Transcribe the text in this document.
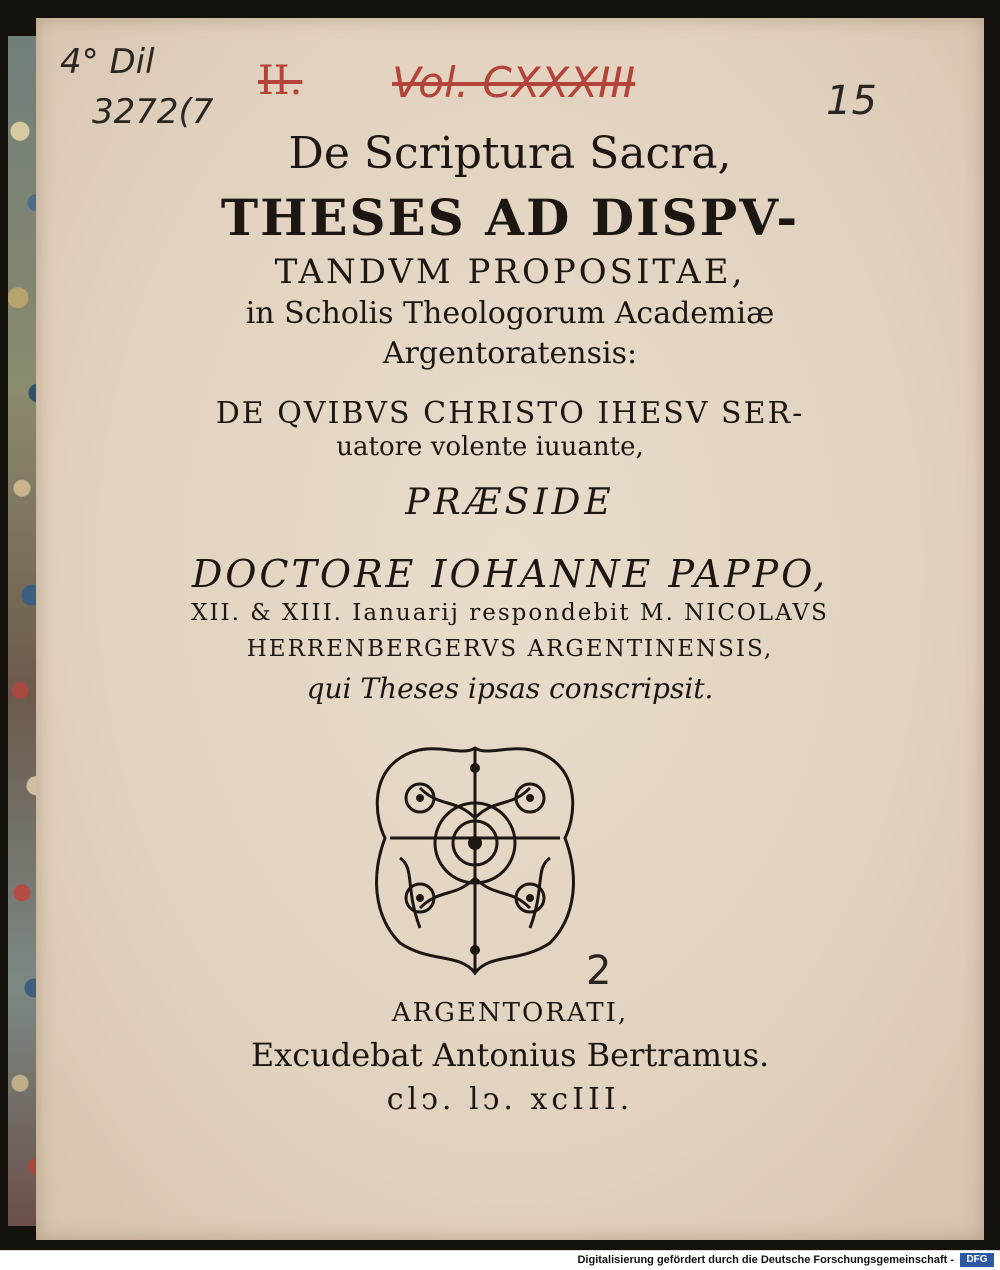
4° Dil
3272(7
II. Vol. CXXXIII	15
2
De Scriptura Sacra,
THESES AD DISPV-
TANDVM PROPOSITAE,
in Scholis Theologorum Academiæ
Argentoratensis:
DE QVIBVS CHRISTO IHESV SER-
uatore volente iuuante,
PRÆSIDE
DOCTORE IOHANNE PAPPO,
XII. & XIII. Ianuarij respondebit M. NICOLAVS
HERRENBERGERVS ARGENTINENSIS,
qui Theses ipsas conscripsit.
ARGENTORATI,
Excudebat Antonius Bertramus.
clↄ. lↄ. xcIII.
Digitalisierung gefördert durch die Deutsche Forschungsgemeinschaft -	DFG
